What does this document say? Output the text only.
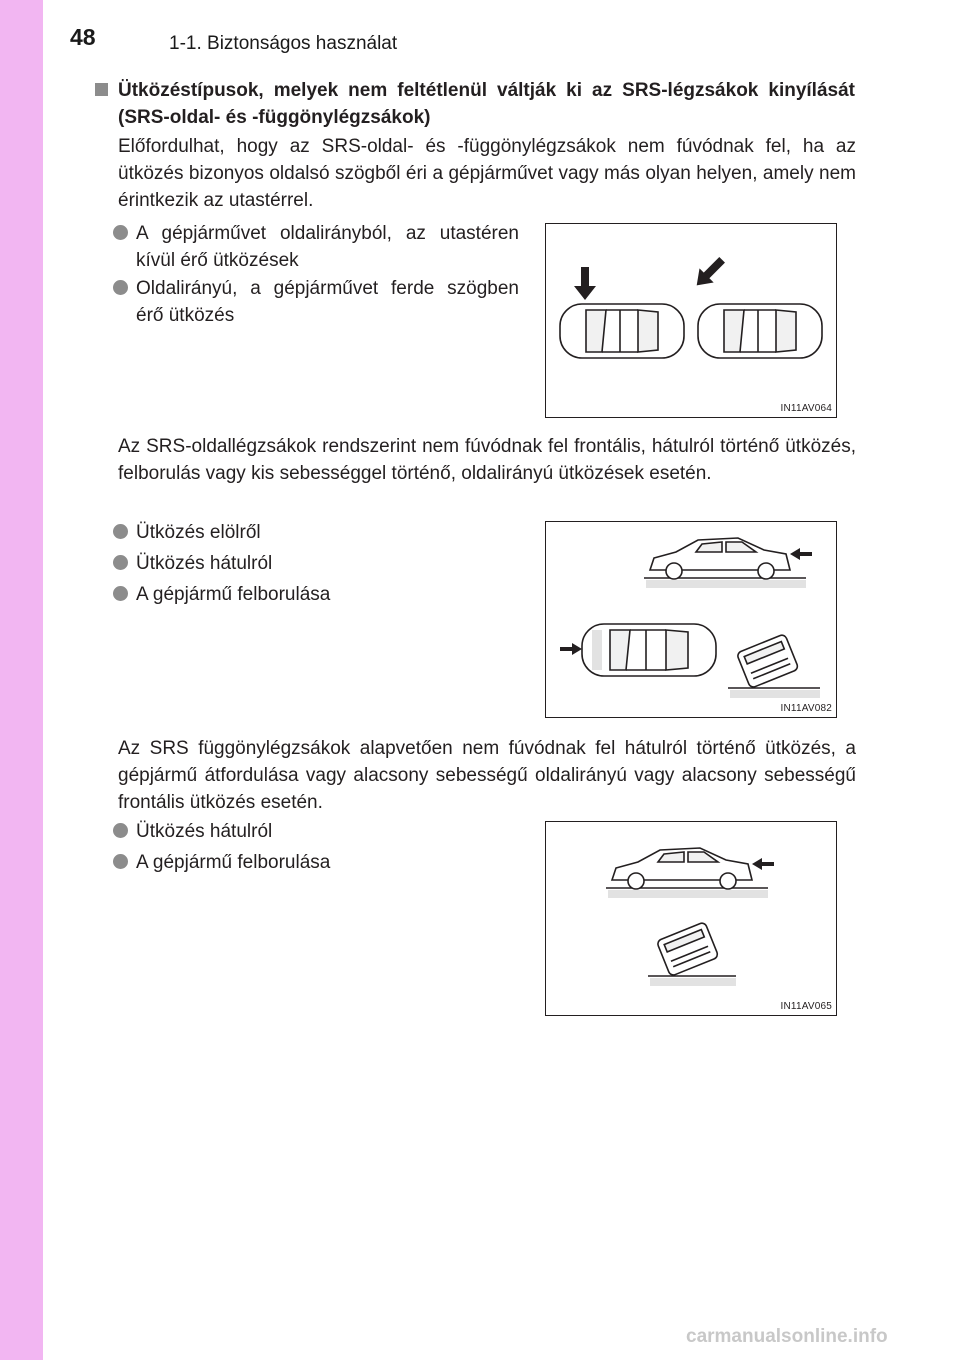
48	1-1. Biztonságos használat

Ütközéstípusok, melyek nem feltétlenül váltják ki az SRS-légzsákok kinyílását (SRS-oldal- és -függönylégzsákok)

Előfordulhat, hogy az SRS-oldal- és -függönylégzsákok nem fúvódnak fel, ha az ütközés bizonyos oldalsó szögből éri a gépjárművet vagy más olyan helyen, amely nem érintkezik az utastérrel.

A gépjárművet oldalirányból, az utastéren kívül érő ütközések
Oldalirányú, a gépjárművet ferde szögben érő ütközés
IN11AV064

Az SRS-oldallégzsákok rendszerint nem fúvódnak fel frontális, hátulról történő ütközés, felborulás vagy kis sebességgel történő, oldalirányú ütközések esetén.

Ütközés elölről
Ütközés hátulról
A gépjármű felborulása
IN11AV082

Az SRS függönylégzsákok alapvetően nem fúvódnak fel hátulról történő ütközés, a gépjármű átfordulása vagy alacsony sebességű oldalirányú vagy alacsony sebességű frontális ütközés esetén.

Ütközés hátulról
A gépjármű felborulása
IN11AV065
carmanualsonline.info
